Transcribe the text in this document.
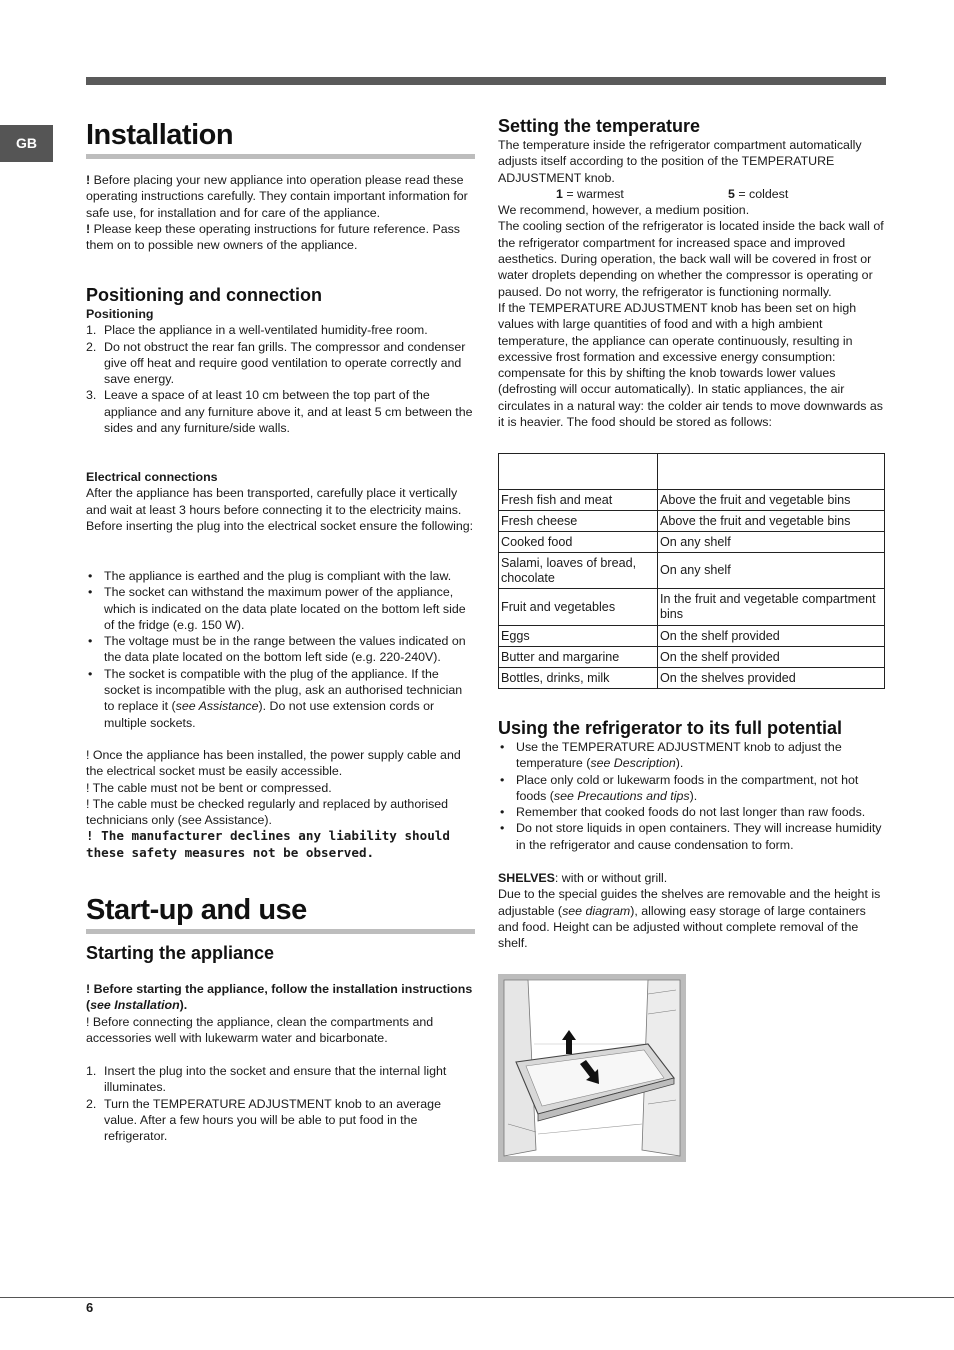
GB	Installation

! Before placing your new appliance into operation please read these operating instructions carefully. They contain important information for safe use, for installation and for care of the appliance.

! Please keep these operating instructions for future reference. Pass them on to possible new owners of the appliance.

Positioning and connection

Positioning

1. Place the appliance in a well-ventilated humidity-free room.
2. Do not obstruct the rear fan grills. The compressor and condenser give off heat and require good ventilation to operate correctly and save energy.
3. Leave a space of at least 10 cm between the top part of the appliance and any furniture above it, and at least 5 cm between the sides and any furniture/side walls.

Electrical connections

After the appliance has been transported, carefully place it vertically and wait at least 3 hours before connecting it to the electricity mains. Before inserting the plug into the electrical socket ensure the following:

• The appliance is earthed and the plug is compliant with the law.
• The socket can withstand the maximum power of the appliance, which is indicated on the data plate located on the bottom left side of the fridge (e.g. 150 W).
• The voltage must be in the range between the values indicated on the data plate located on the bottom left side (e.g. 220-240V).
• The socket is compatible with the plug of the appliance. If the socket is incompatible with the plug, ask an authorised technician to replace it (see Assistance). Do not use extension cords or multiple sockets.

! Once the appliance has been installed, the power supply cable and the electrical socket must be easily accessible.

! The cable must not be bent or compressed.

! The cable must be checked regularly and replaced by authorised technicians only (see Assistance).

! The manufacturer declines any liability should these safety measures not be observed.

Start-up and use
Starting the appliance

! Before starting the appliance, follow the installation instructions (see Installation).

! Before connecting the appliance, clean the compartments and accessories well with lukewarm water and bicarbonate.

1. Insert the plug into the socket and ensure that the internal light illuminates.
2. Turn the TEMPERATURE ADJUSTMENT knob to an average value. After a few hours you will be able to put food in the refrigerator.
Setting the temperature

The temperature inside the refrigerator compartment automatically adjusts itself according to the position of the TEMPERATURE ADJUSTMENT knob.

1 = warmest	5 = coldest

We recommend, however, a medium position.

The cooling section of the refrigerator is located inside the back wall of the refrigerator compartment for increased space and improved aesthetics. During operation, the back wall will be covered in frost or water droplets depending on whether the compressor is operating or paused. Do not worry, the refrigerator is functioning normally.

If the TEMPERATURE ADJUSTMENT knob has been set on high values with large quantities of food and with a high ambient temperature, the appliance can operate continuously, resulting in excessive frost formation and excessive energy consumption: compensate for this by shifting the knob towards lower values (defrosting will occur automatically). In static appliances, the air circulates in a natural way: the colder air tends to move downwards as it is heavier. The food should be stored as follows:

Fresh fish and meat	Above the fruit and vegetable bins
Fresh cheese	Above the fruit and vegetable bins
Cooked food	On any shelf
Salami, loaves of bread, chocolate	On any shelf
Fruit and vegetables	In the fruit and vegetable compartment bins
Eggs	On the shelf provided
Butter and margarine	On the shelf provided
Bottles, drinks, milk	On the shelves provided
Using the refrigerator to its full potential
• Use the TEMPERATURE ADJUSTMENT knob to adjust the temperature (see Description).
• Place only cold or lukewarm foods in the compartment, not hot foods (see Precautions and tips).
• Remember that cooked foods do not last longer than raw foods.
• Do not store liquids in open containers. They will increase humidity in the refrigerator and cause condensation to form.

SHELVES: with or without grill.

Due to the special guides the shelves are removable and the height is adjustable (see diagram), allowing easy storage of large containers and food. Height can be adjusted without complete removal of the shelf.

6
